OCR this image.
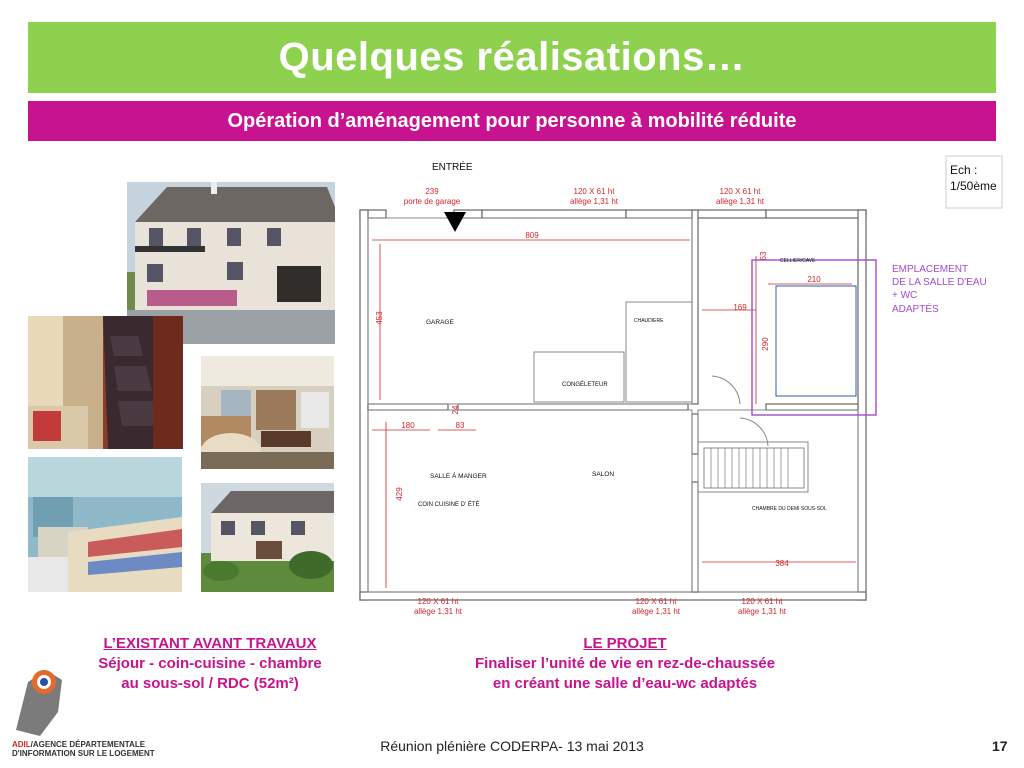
Quelques réalisations…
Opération d’aménagement pour personne à mobilité réduite
ENTRÉE
239
porte de garage
120 X 61 ht
allège 1,31 ht
120 X 61 ht
allège 1,31 ht
809
453
169
63
210
290
180	83
24
429
384
GARAGE	CHAUDIERE
CONGÉLETEUR
CELLIER/CAVE
SALLE Á MANGER
COIN CUISINE D' ÉTÉ
SALON
CHAMBRE DU DEMI SOUS-SOL
120 X 61 ht
allège 1,31 ht
120 X 61 ht
allège 1,31 ht
120 X 61 ht
allège 1,31 ht
EMPLACEMENT
DE LA SALLE D'EAU
+ WC
ADAPTÉS
Ech :
1/50ème
L’EXISTANT AVANT TRAVAUX
Séjour - coin-cuisine - chambre
au sous-sol / RDC (52m²)
LE PROJET
Finaliser l’unité de vie en rez-de-chaussée
en créant une salle d’eau-wc adaptés
ADIL/AGENCE DÉPARTEMENTALE
D'INFORMATION SUR LE LOGEMENT	Réunion plénière CODERPA- 13 mai 2013	17
